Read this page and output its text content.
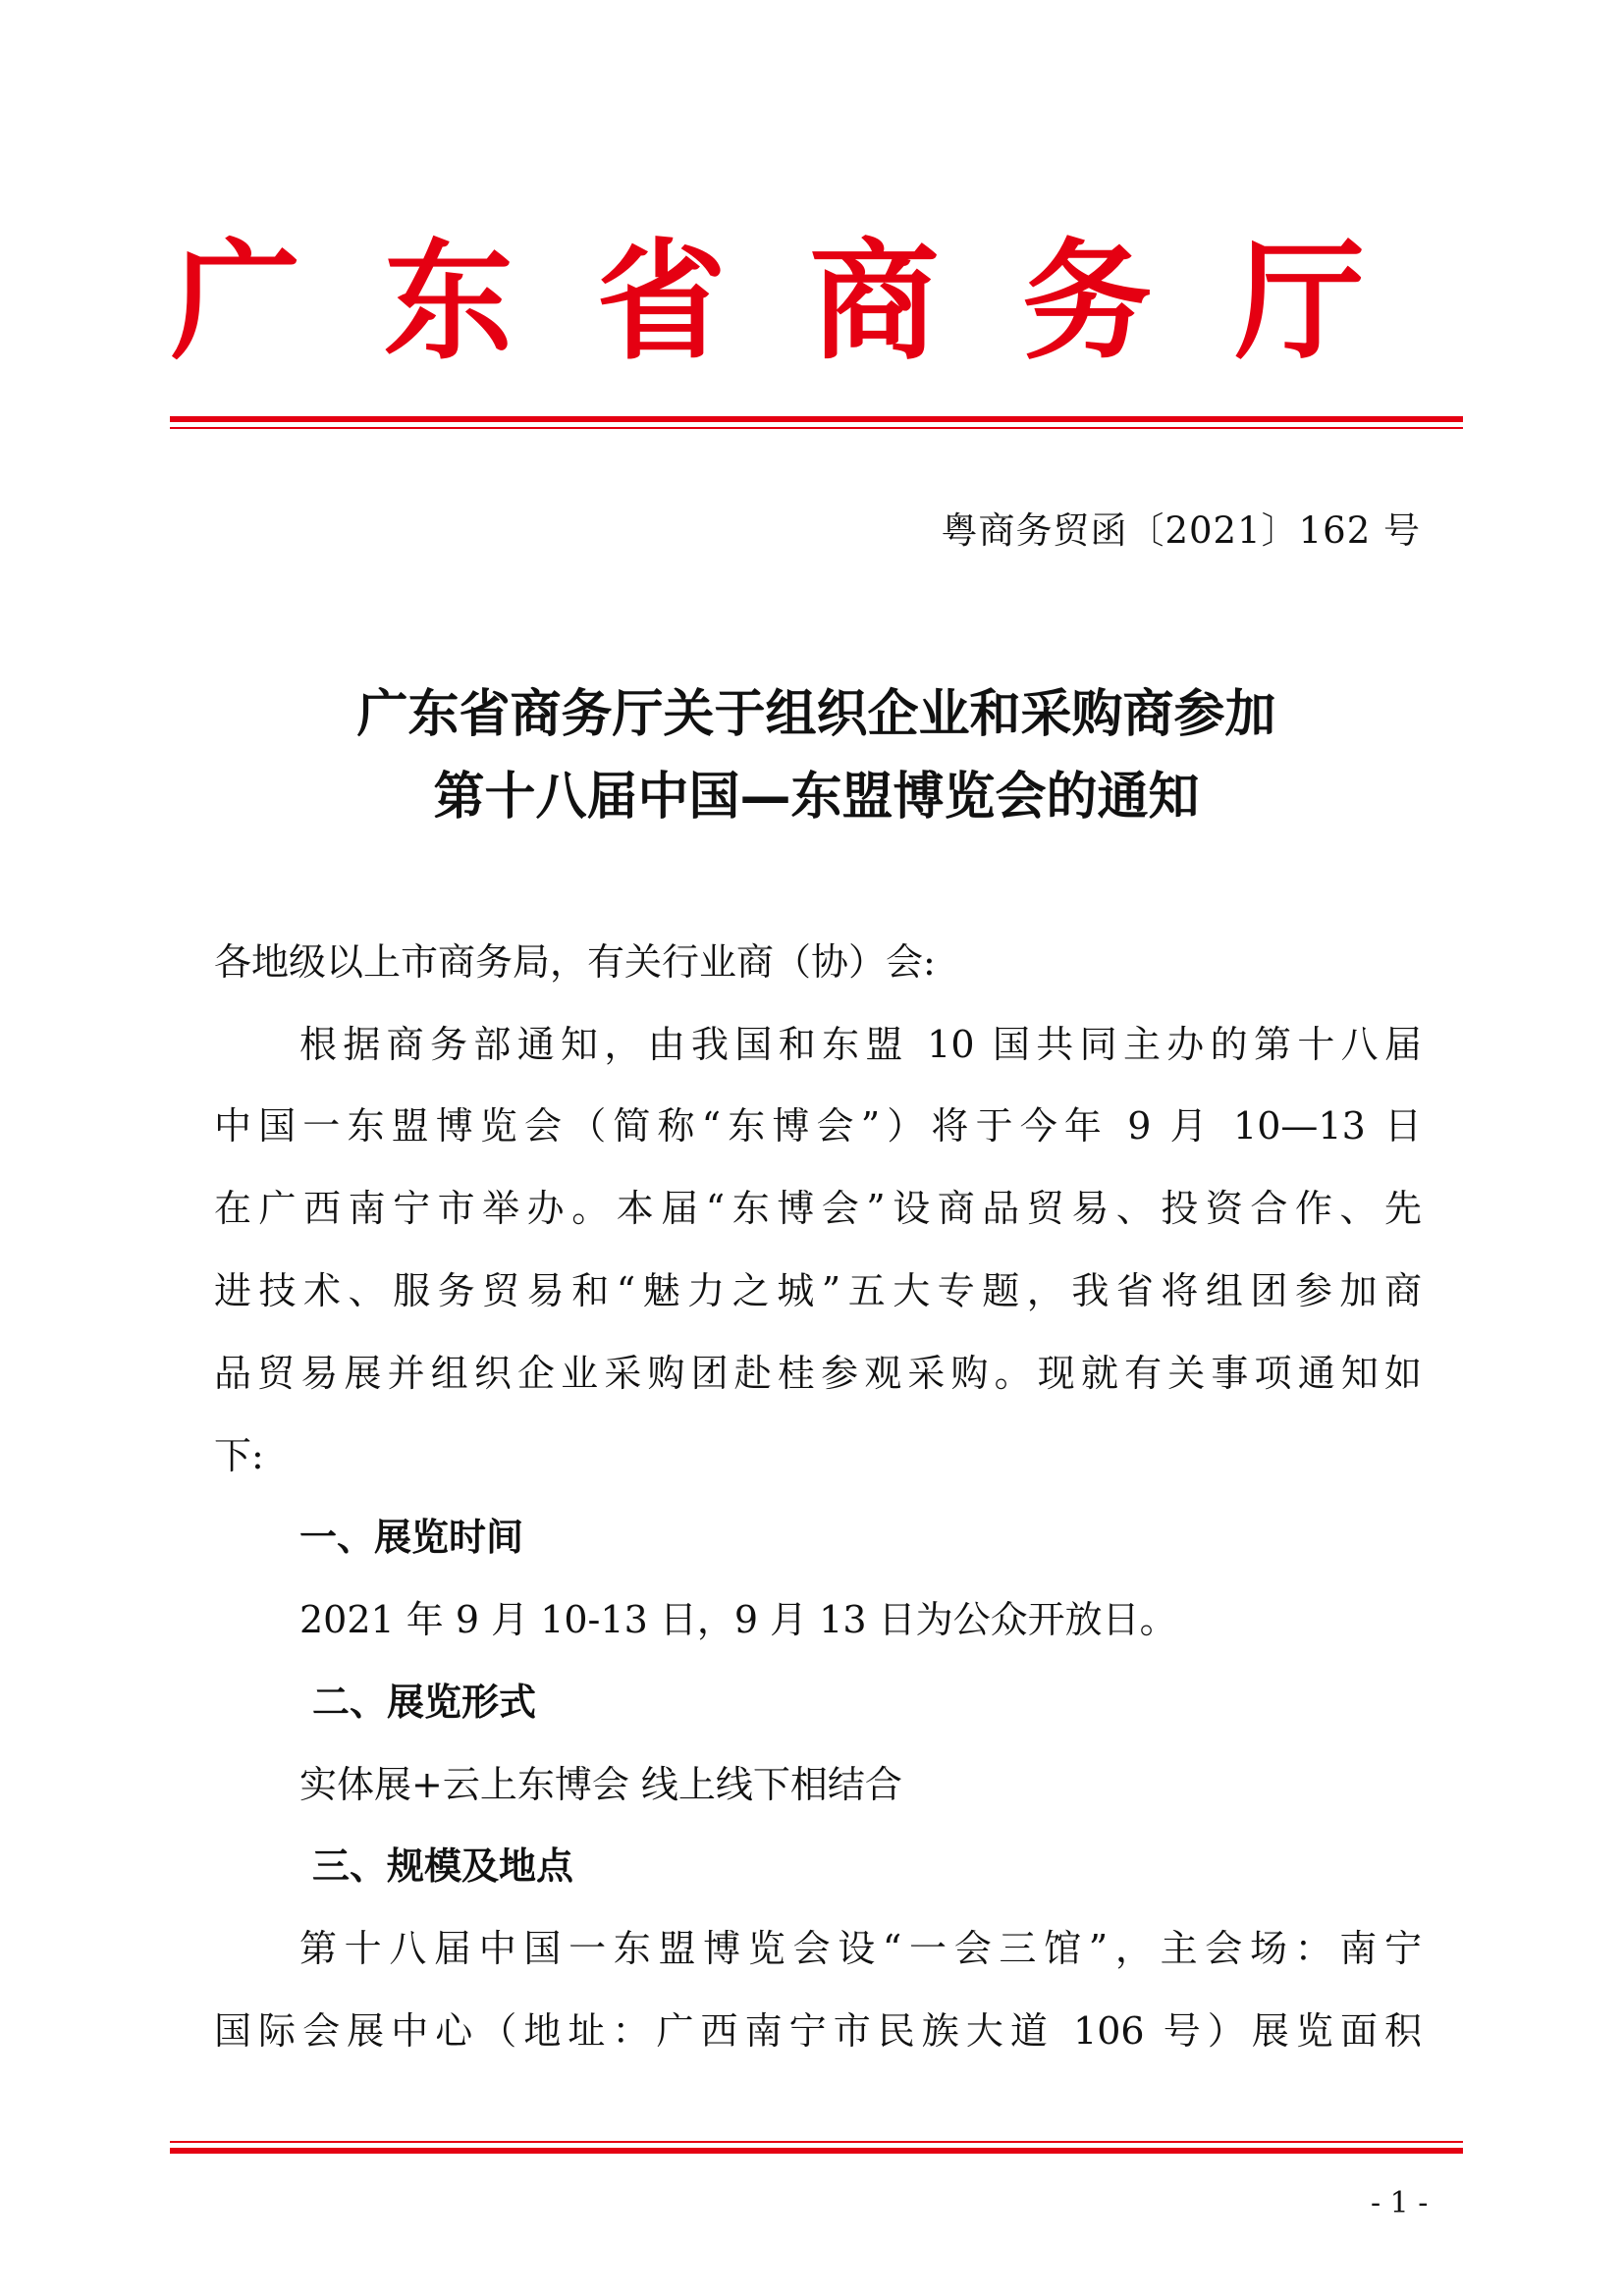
广 东 省 商 务 厅
粤商务贸函〔2021〕162 号
广东省商务厅关于组织企业和采购商参加
第十八届中国—东盟博览会的通知
各地级以上市商务局，有关行业商（协）会:
根据商务部通知，由我国和东盟 10 国共同主办的第十八届
中国一东盟博览会（简称“东博会”）将于今年 9 月 10—13 日
在广西南宁市举办。本届“东博会”设商品贸易、投资合作、先
进技术、服务贸易和“魅力之城”五大专题，我省将组团参加商
品贸易展并组织企业采购团赴桂参观采购。现就有关事项通知如
下:
一、展览时间
2021 年 9 月 10-13 日，9 月 13 日为公众开放日。
二、展览形式
实体展+云上东博会 线上线下相结合
三、规模及地点
第十八届中国一东盟博览会设“一会三馆”，主会场：南宁
国际会展中心（地址：广西南宁市民族大道 106 号）展览面积
- 1 -
